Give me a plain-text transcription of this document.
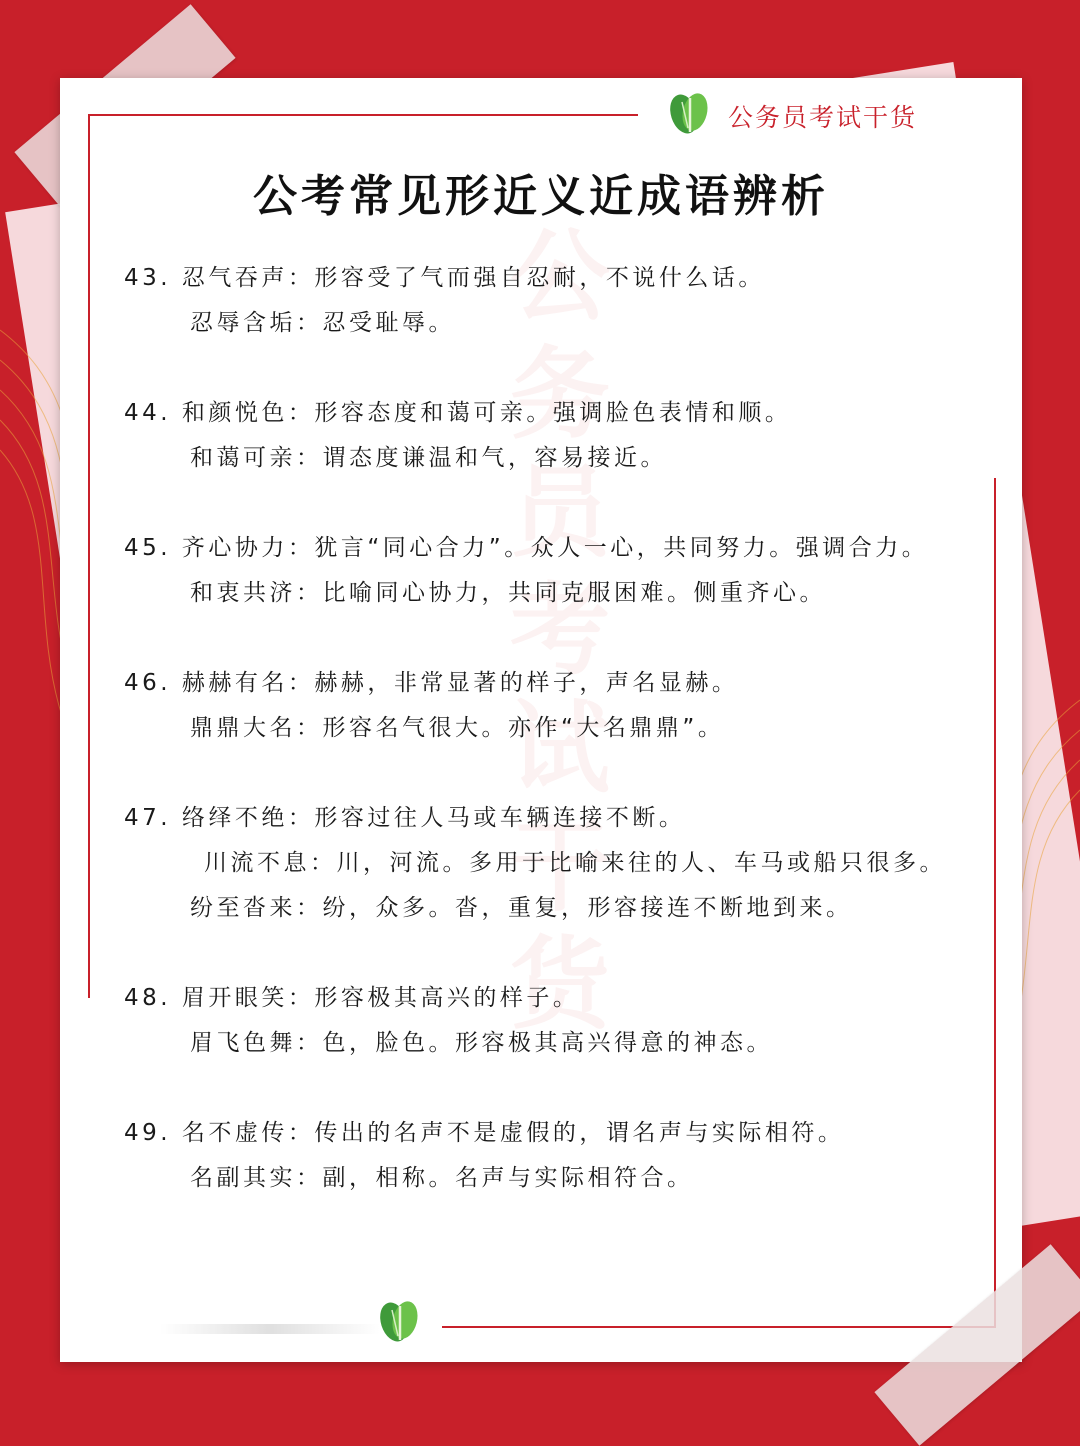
公务员考试干货
公考常见形近义近成语辨析
公务员考试干货
43. 忍气吞声：形容受了气而强自忍耐，不说什么话。
忍辱含垢：忍受耻辱。
44. 和颜悦色：形容态度和蔼可亲。强调脸色表情和顺。
和蔼可亲：谓态度谦温和气，容易接近。
45. 齐心协力：犹言“同心合力”。众人一心，共同努力。强调合力。
和衷共济：比喻同心协力，共同克服困难。侧重齐心。
46. 赫赫有名：赫赫，非常显著的样子，声名显赫。
鼎鼎大名：形容名气很大。亦作“大名鼎鼎”。
47. 络绎不绝：形容过往人马或车辆连接不断。
川流不息：川，河流。多用于比喻来往的人、车马或船只很多。
纷至沓来：纷，众多。沓，重复，形容接连不断地到来。
48. 眉开眼笑：形容极其高兴的样子。
眉飞色舞：色，脸色。形容极其高兴得意的神态。
49. 名不虚传：传出的名声不是虚假的，谓名声与实际相符。
名副其实：副，相称。名声与实际相符合。
